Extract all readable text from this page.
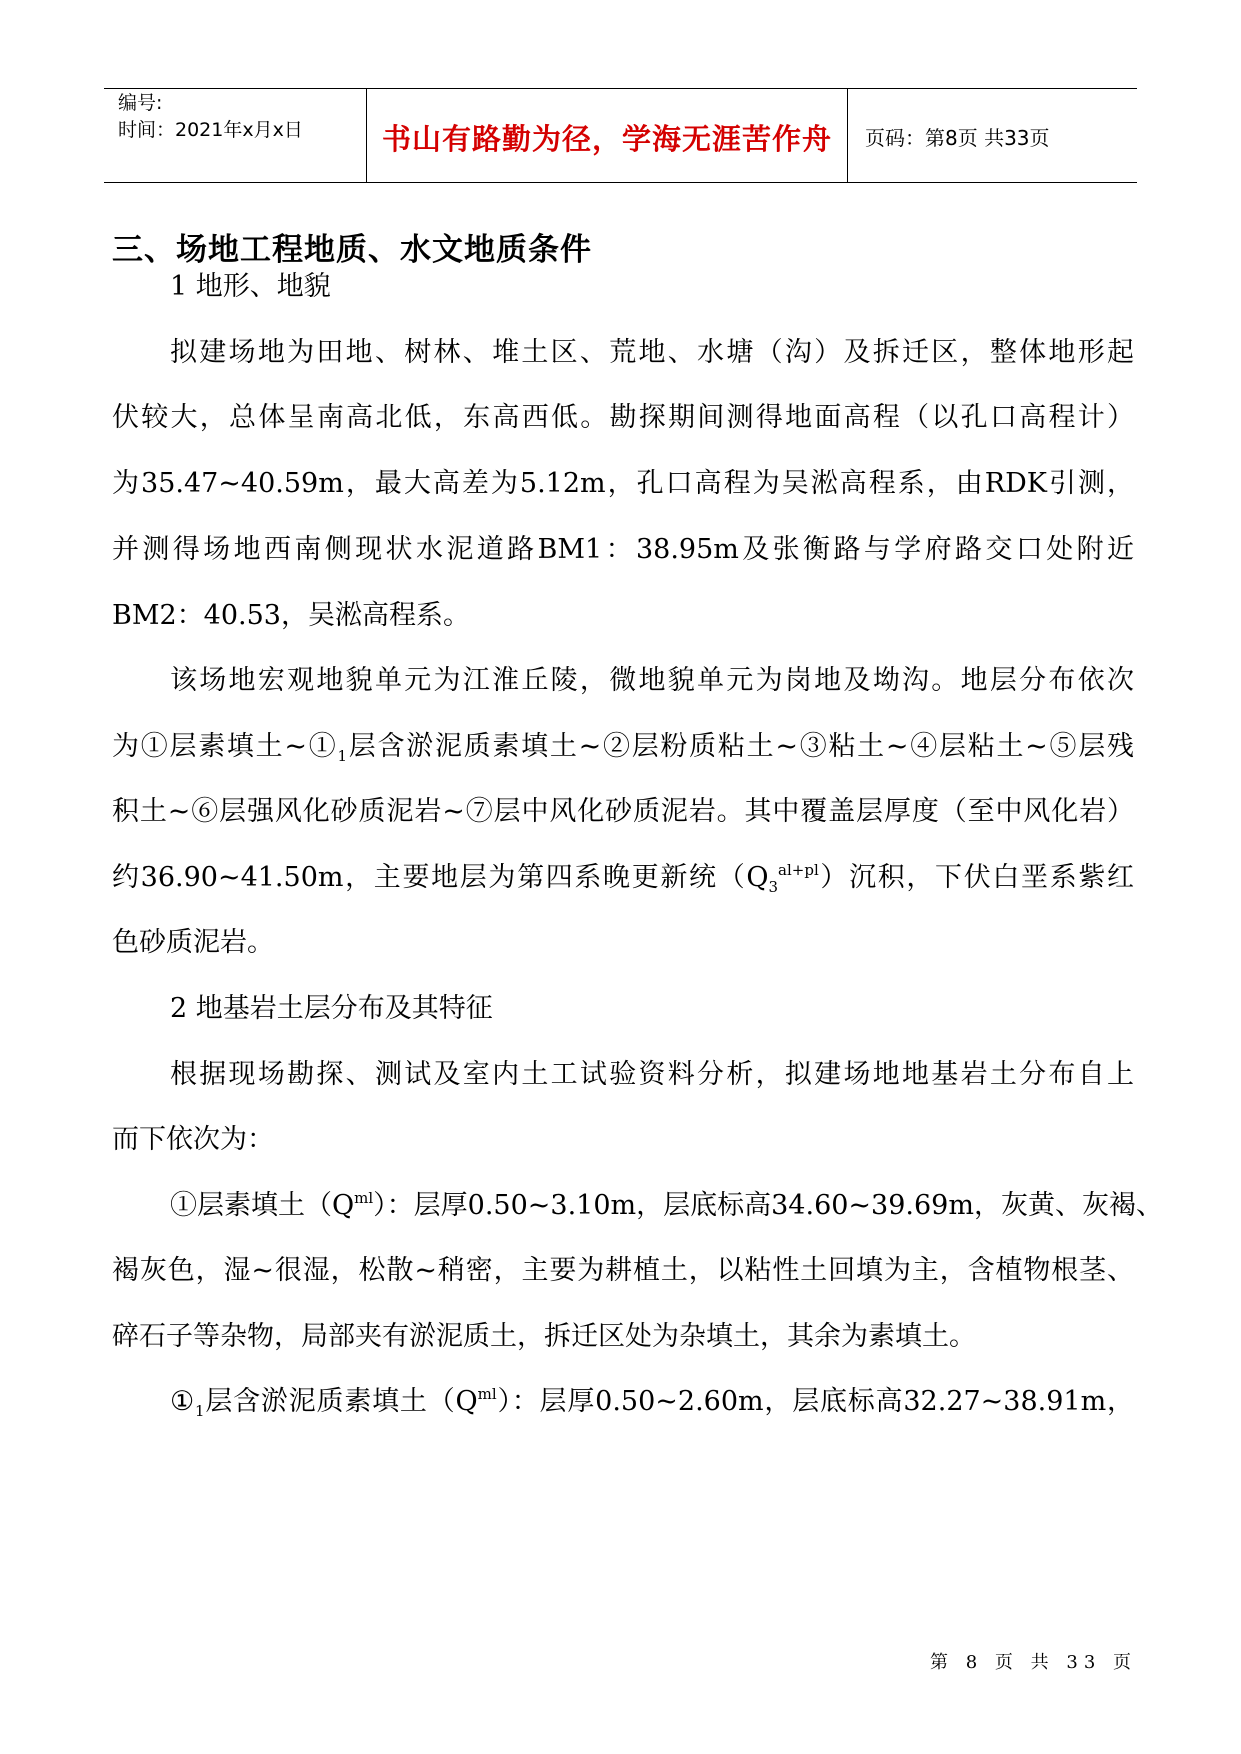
编号:
时间：2021年x月x日	书山有路勤为径，学海无涯苦作舟	页码：第8页 共33页
三、场地工程地质、水文地质条件
1 地形、地貌
拟建场地为田地、树林、堆土区、荒地、水塘（沟）及拆迁区，整体地形起
伏较大，总体呈南高北低，东高西低。勘探期间测得地面高程（以孔口高程计）
为35.47~40.59m，最大高差为5.12m，孔口高程为吴淞高程系，由RDK引测，
并测得场地西南侧现状水泥道路BM1：38.95m及张衡路与学府路交口处附近
BM2：40.53，吴淞高程系。
该场地宏观地貌单元为江淮丘陵，微地貌单元为岗地及坳沟。地层分布依次
为①层素填土$\sim ①_1$层含淤泥质素填土~②层粉质粘土~③粘土~④层粘土~⑤层残
积土~⑥层强风化砂质泥岩~⑦层中风化砂质泥岩。其中覆盖层厚度（至中风化岩）
约36.90~41.50m，主要地层为第四系晚更新统$(Q_3^{al+pl})$沉积，下伏白垩系紫红
色砂质泥岩。
2 地基岩土层分布及其特征
根据现场勘探、测试及室内土工试验资料分析，拟建场地地基岩土分布自上
而下依次为：
①层素填土$(Q^{ml})$：层厚0.50~3.10m，层底标高34.60~39.69m，灰黄、灰褐、
褐灰色，湿~很湿，松散~稍密，主要为耕植土，以粘性土回填为主，含植物根茎、
碎石子等杂物，局部夹有淤泥质土，拆迁区处为杂填土，其余为素填土。
$①_1$层含淤泥质素填土$(Q^{ml})$：层厚0.50~2.60m，层底标高32.27~38.91m，
第 8 页 共 33 页
